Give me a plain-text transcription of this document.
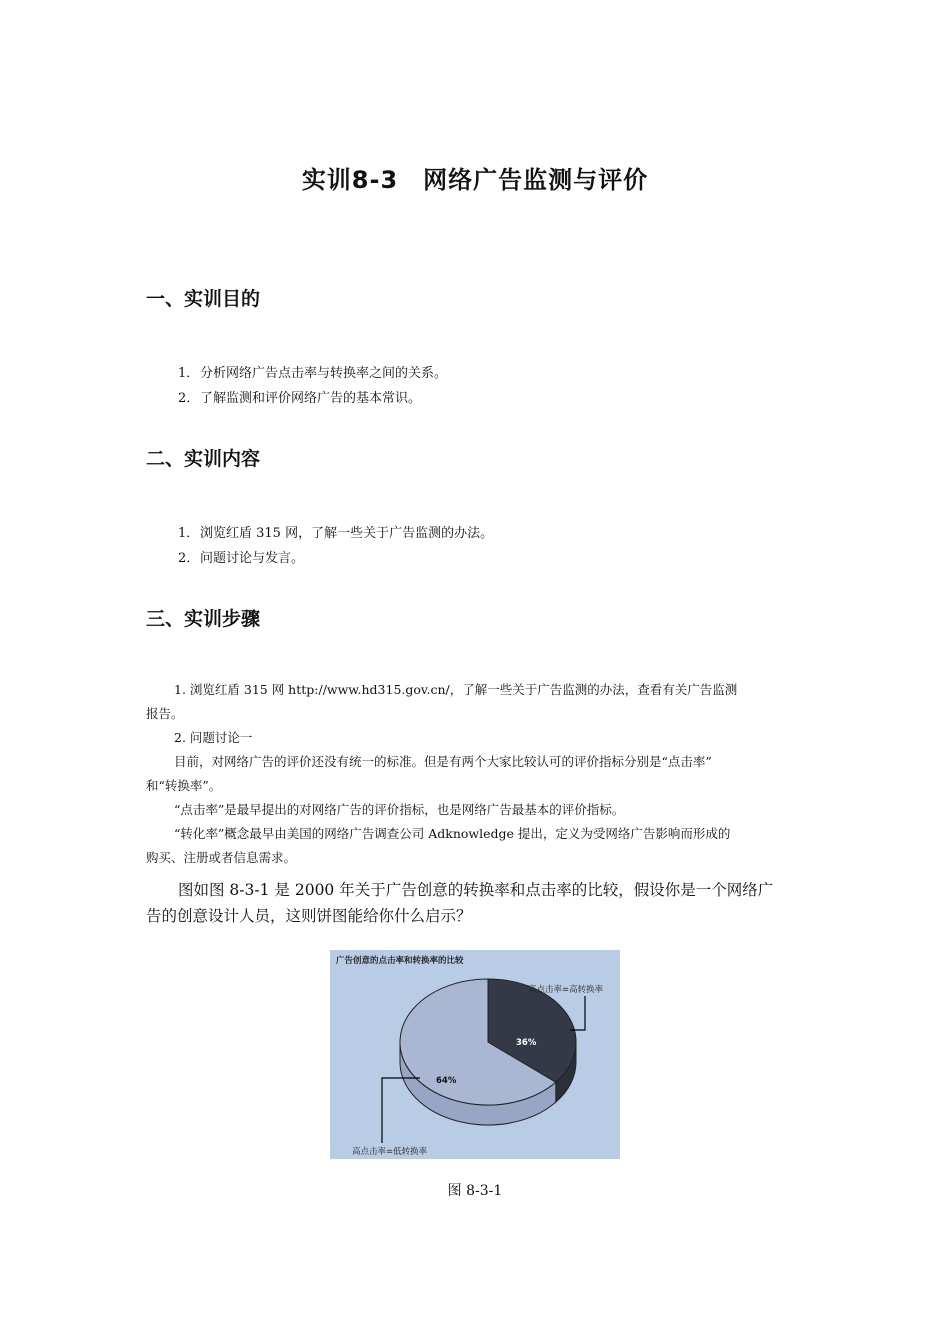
实训8-3　网络广告监测与评价
一、实训目的
1．分析网络广告点击率与转换率之间的关系。
2．了解监测和评价网络广告的基本常识。
二、实训内容
1．浏览红盾 315 网，了解一些关于广告监测的办法。
2．问题讨论与发言。
三、实训步骤
1. 浏览红盾 315 网 http://www.hd315.gov.cn/，了解一些关于广告监测的办法，查看有关广告监测
报告。
2. 问题讨论一
目前，对网络广告的评价还没有统一的标准。但是有两个大家比较认可的评价指标分别是“点击率”
和“转换率”。
“点击率”是最早提出的对网络广告的评价指标，也是网络广告最基本的评价指标。
“转化率”概念最早由美国的网络广告调查公司 Adknowledge 提出，定义为受网络广告影响而形成的
购买、注册或者信息需求。
图如图 8-3-1 是 2000 年关于广告创意的转换率和点击率的比较，假设你是一个网络广
告的创意设计人员，这则饼图能给你什么启示？
广告创意的点击率和转换率的比较
高点击率=高转换率
高点击率=低转换率
36%
64%
图 8-3-1
